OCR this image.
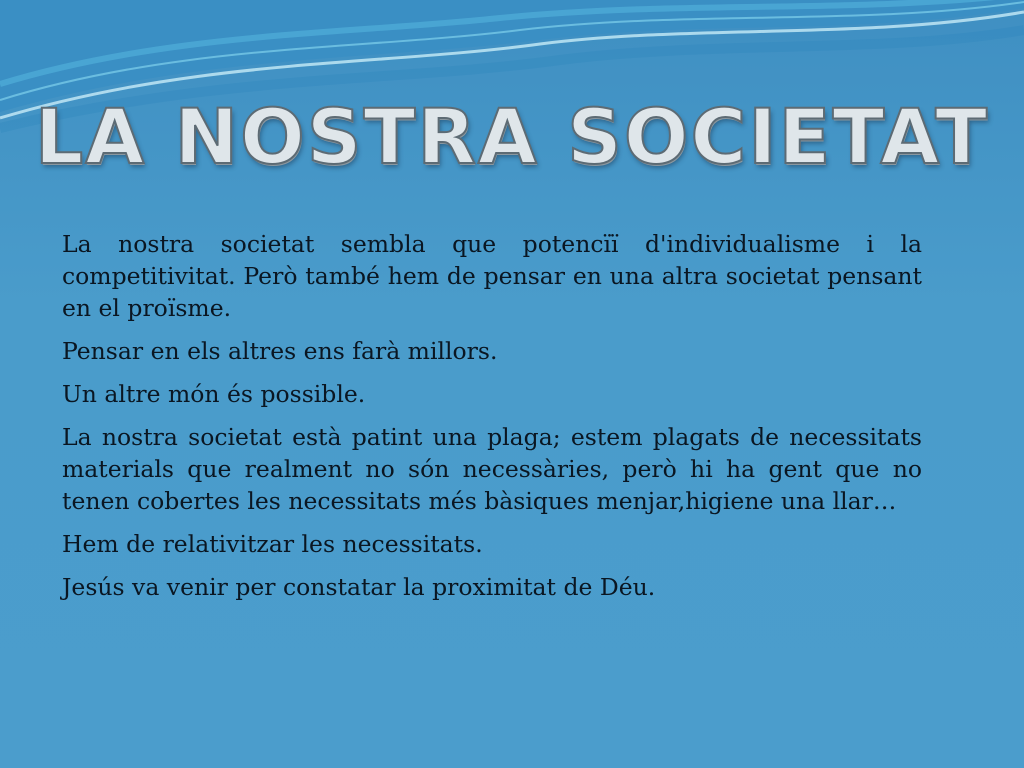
LA NOSTRA SOCIETAT

La nostra societat sembla que potencïï d'individualisme i la competitivitat. Però també hem de pensar en una altra societat pensant en el proïsme.

Pensar en els altres ens farà millors.

Un altre món és possible.

La nostra societat està patint una plaga; estem plagats de necessitats materials que realment no són necessàries, però hi ha gent que no tenen cobertes les necessitats més bàsiques menjar,higiene una llar…

Hem de relativitzar les necessitats.

Jesús va venir per constatar la proximitat de Déu.
